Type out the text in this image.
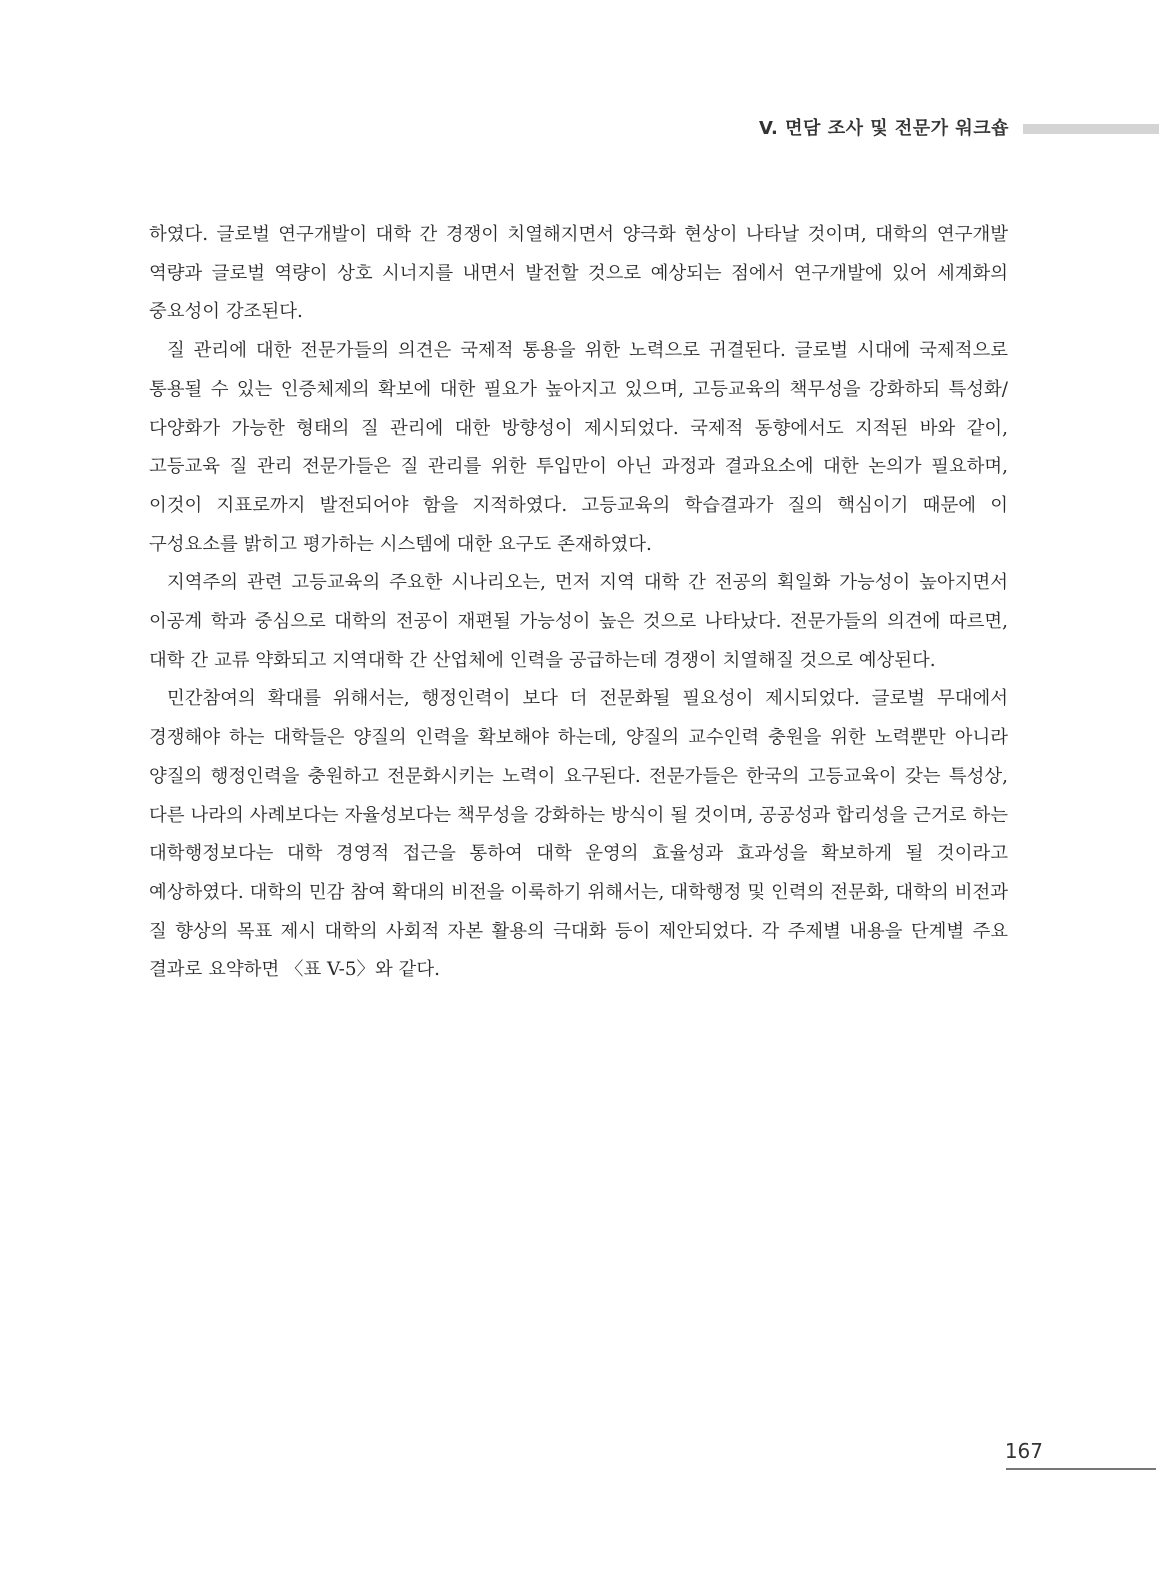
V. 면담 조사 및 전문가 워크숍

하였다. 글로벌 연구개발이 대학 간 경쟁이 치열해지면서 양극화 현상이 나타날 것이며, 대학의 연구개발 역량과 글로벌 역량이 상호 시너지를 내면서 발전할 것으로 예상되는 점에서 연구개발에 있어 세계화의 중요성이 강조된다.

질 관리에 대한 전문가들의 의견은 국제적 통용을 위한 노력으로 귀결된다. 글로벌 시대에 국제적으로 통용될 수 있는 인증체제의 확보에 대한 필요가 높아지고 있으며, 고등교육의 책무성을 강화하되 특성화/다양화가 가능한 형태의 질 관리에 대한 방향성이 제시되었다. 국제적 동향에서도 지적된 바와 같이, 고등교육 질 관리 전문가들은 질 관리를 위한 투입만이 아닌 과정과 결과요소에 대한 논의가 필요하며, 이것이 지표로까지 발전되어야 함을 지적하였다. 고등교육의 학습결과가 질의 핵심이기 때문에 이 구성요소를 밝히고 평가하는 시스템에 대한 요구도 존재하였다.

지역주의 관련 고등교육의 주요한 시나리오는, 먼저 지역 대학 간 전공의 획일화 가능성이 높아지면서 이공계 학과 중심으로 대학의 전공이 재편될 가능성이 높은 것으로 나타났다. 전문가들의 의견에 따르면, 대학 간 교류 약화되고 지역대학 간 산업체에 인력을 공급하는데 경쟁이 치열해질 것으로 예상된다.

민간참여의 확대를 위해서는, 행정인력이 보다 더 전문화될 필요성이 제시되었다. 글로벌 무대에서 경쟁해야 하는 대학들은 양질의 인력을 확보해야 하는데, 양질의 교수인력 충원을 위한 노력뿐만 아니라 양질의 행정인력을 충원하고 전문화시키는 노력이 요구된다. 전문가들은 한국의 고등교육이 갖는 특성상, 다른 나라의 사례보다는 자율성보다는 책무성을 강화하는 방식이 될 것이며, 공공성과 합리성을 근거로 하는 대학행정보다는 대학 경영적 접근을 통하여 대학 운영의 효율성과 효과성을 확보하게 될 것이라고 예상하였다. 대학의 민감 참여 확대의 비전을 이룩하기 위해서는, 대학행정 및 인력의 전문화, 대학의 비전과 질 향상의 목표 제시 대학의 사회적 자본 활용의 극대화 등이 제안되었다. 각 주제별 내용을 단계별 주요 결과로 요약하면 〈표 V-5〉와 같다.

167
